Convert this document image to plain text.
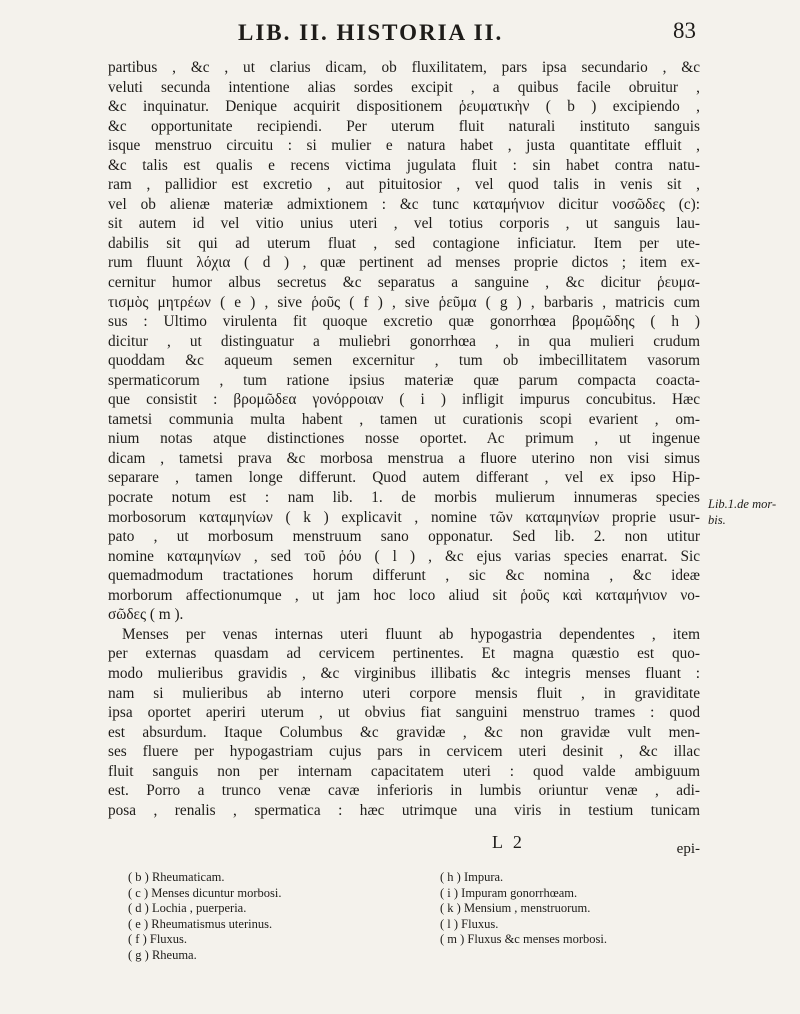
LIB. II. HISTORIA II.	83
partibus , &c , ut clarius dicam, ob fluxilitatem, pars ipsa secundario , &c
veluti secunda intentione alias sordes excipit , a quibus facile obruitur ,
&c inquinatur. Denique acquirit dispositionem ῥευματικὴν ( b ) excipiendo ,
&c opportunitate recipiendi. Per uterum fluit naturali instituto sanguis
isque menstruo circuitu : si mulier e natura habet , justa quantitate effluit ,
&c talis est qualis e recens victima jugulata fluit : sin habet contra natu-
ram , pallidior est excretio , aut pituitosior , vel quod talis in venis sit ,
vel ob alienæ materiæ admixtionem : &c tunc καταμήνιον dicitur νοσῶδες (c):
sit autem id vel vitio unius uteri , vel totius corporis , ut sanguis lau-
dabilis sit qui ad uterum fluat , sed contagione inficiatur. Item per ute-
rum fluunt λόχια ( d ) , quæ pertinent ad menses proprie dictos ; item ex-
cernitur humor albus secretus &c separatus a sanguine , &c dicitur ῥευμα-
τισμὸς μητρέων ( e ) , sive ῥοῦς ( f ) , sive ῥεῦμα ( g ) , barbaris , matricis cum
sus : Ultimo virulenta fit quoque excretio quæ gonorrhœa βρομῶδης ( h )
dicitur , ut distinguatur a muliebri gonorrhœa , in qua mulieri crudum
quoddam &c aqueum semen excernitur , tum ob imbecillitatem vasorum
spermaticorum , tum ratione ipsius materiæ quæ parum compacta coacta-
que consistit : βρομῶδεα γονόρροιαν ( i ) infligit impurus concubitus. Hæc
tametsi communia multa habent , tamen ut curationis scopi evarient , om-
nium notas atque distinctiones nosse oportet. Ac primum , ut ingenue
dicam , tametsi prava &c morbosa menstrua a fluore uterino non visi simus
separare , tamen longe differunt. Quod autem differant , vel ex ipso Hip-
pocrate notum est : nam lib. 1. de morbis mulierum innumeras species
morbosorum καταμηνίων ( k ) explicavit , nomine τῶν καταμηνίων proprie usur-
pato , ut morbosum menstruum sano opponatur. Sed lib. 2. non utitur
nomine καταμηνίων , sed τοῦ ῥόυ ( l ) , &c ejus varias species enarrat. Sic
quemadmodum tractationes horum differunt , sic &c nomina , &c ideæ
morborum affectionumque , ut jam hoc loco aliud sit ῥοῦς καὶ καταμήνιον νο-
σῶδες ( m ).
Menses per venas internas uteri fluunt ab hypogastria dependentes , item
per externas quasdam ad cervicem pertinentes. Et magna quæstio est quo-
modo mulieribus gravidis , &c virginibus illibatis &c integris menses fluant :
nam si mulieribus ab interno uteri corpore mensis fluit , in graviditate
ipsa oportet aperiri uterum , ut obvius fiat sanguini menstruo trames : quod
est absurdum. Itaque Columbus &c gravidæ , &c non gravidæ vult men-
ses fluere per hypogastriam cujus pars in cervicem uteri desinit , &c illac
fluit sanguis non per internam capacitatem uteri : quod valde ambiguum
est. Porro a trunco venæ cavæ inferioris in lumbis oriuntur venæ , adi-
posa , renalis , spermatica : hæc utrimque una viris in testium tunicam
Lib.1.de mor-
bis.
L 2	epi-
( b ) Rheumaticam.
( c ) Menses dicuntur morbosi.
( d ) Lochia , puerperia.
( e ) Rheumatismus uterinus.
( f ) Fluxus.
( g ) Rheuma.
( h ) Impura.
( i ) Impuram gonorrhœam.
( k ) Mensium , menstruorum.
( l ) Fluxus.
( m ) Fluxus &c menses morbosi.
